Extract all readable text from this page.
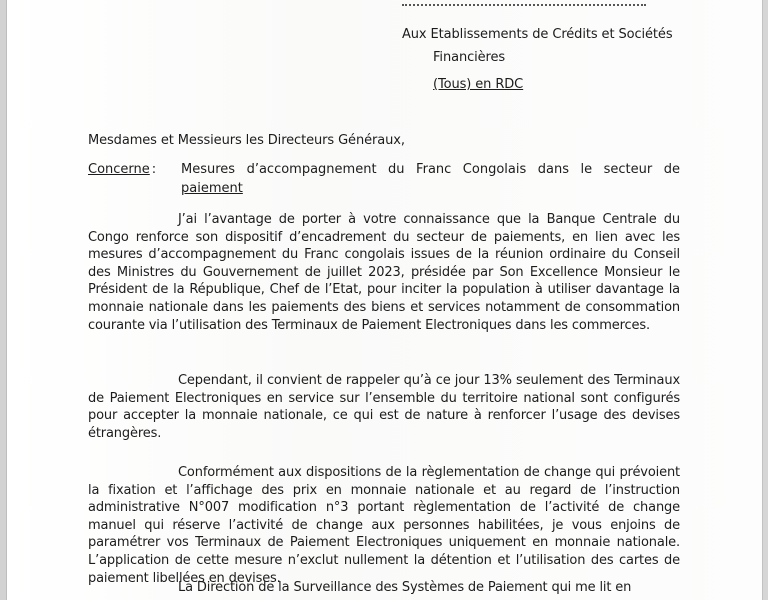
Aux Etablissements de Crédits et Sociétés
Financières
(Tous) en RDC
Mesdames et Messieurs les Directeurs Généraux,
Concerne : Mesures d’accompagnement du Franc Congolais dans le secteur de
paiement
J’ai l’avantage de porter à votre connaissance que la Banque Centrale du Congo renforce son dispositif d’encadrement du secteur de paiements, en lien avec les mesures d’accompagnement du Franc congolais issues de la réunion ordinaire du Conseil des Ministres du Gouvernement de juillet 2023, présidée par Son Excellence Monsieur le Président de la République, Chef de l’Etat, pour inciter la population à utiliser davantage la monnaie nationale dans les paiements des biens et services notamment de consommation courante via l’utilisation des Terminaux de Paiement Electroniques dans les commerces.
Cependant, il convient de rappeler qu’à ce jour 13% seulement des Terminaux de Paiement Electroniques en service sur l’ensemble du territoire national sont configurés pour accepter la monnaie nationale, ce qui est de nature à renforcer l’usage des devises étrangères.
Conformément aux dispositions de la règlementation de change qui prévoient la fixation et l’affichage des prix en monnaie nationale et au regard de l’instruction administrative N°007 modification n°3 portant règlementation de l’activité de change manuel qui réserve l’activité de change aux personnes habilitées, je vous enjoins de paramétrer vos Terminaux de Paiement Electroniques uniquement en monnaie nationale. L’application de cette mesure n’exclut nullement la détention et l’utilisation des cartes de paiement libellées en devises.
La Direction de la Surveillance des Systèmes de Paiement qui me lit en
